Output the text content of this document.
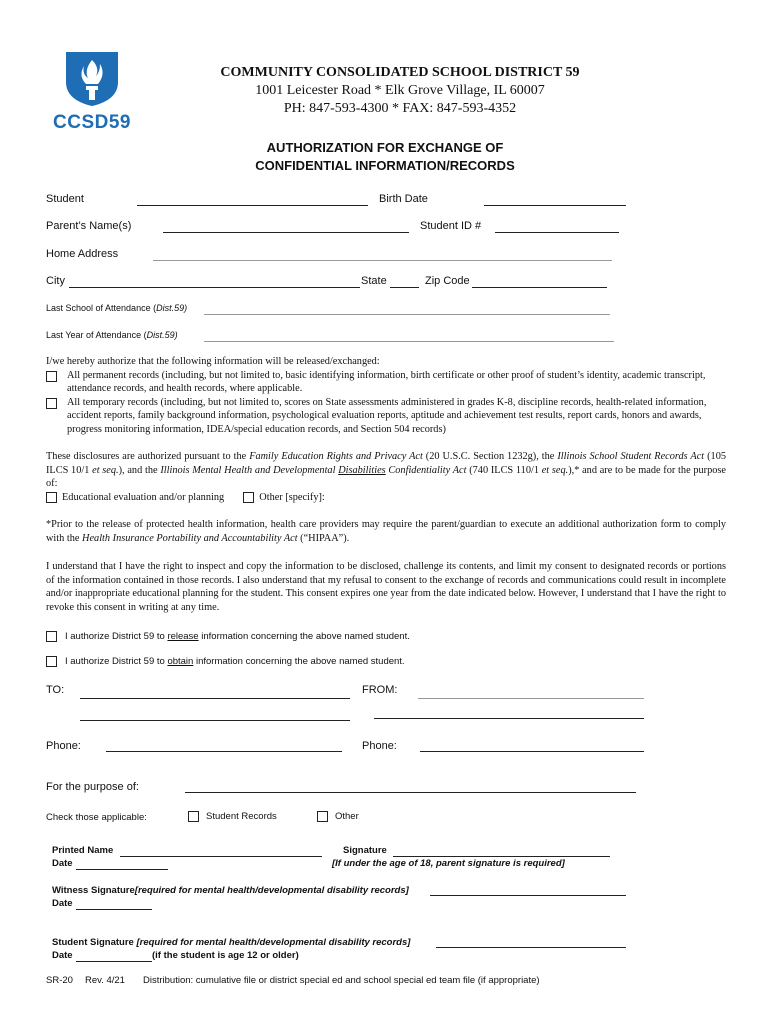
CCSD59
COMMUNITY CONSOLIDATED SCHOOL DISTRICT 59
1001 Leicester Road * Elk Grove Village, IL 60007
PH: 847-593-4300 * FAX: 847-593-4352
AUTHORIZATION FOR EXCHANGE OF
CONFIDENTIAL INFORMATION/RECORDS
Student	Birth Date
Parent’s Name(s)	Student ID #
Home Address
City	State	Zip Code
Last School of Attendance (Dist.59)
Last Year of Attendance (Dist.59)

I/we hereby authorize that the following information will be released/exchanged:

All permanent records (including, but not limited to, basic identifying information, birth certificate or other proof of student’s identity, academic transcript, attendance records, and health records, where applicable.

All temporary records (including, but not limited to, scores on State assessments administered in grades K-8, discipline records, health-related information, accident reports, family background information, psychological evaluation reports, aptitude and achievement test results, report cards, honors and awards, progress monitoring information, IDEA/special education records, and Section 504 records)

These disclosures are authorized pursuant to the Family Education Rights and Privacy Act (20 U.S.C. Section 1232g), the Illinois School Student Records Act (105 ILCS 10/1 et seq.), and the Illinois Mental Health and Developmental Disabilities Confidentiality Act (740 ILCS 110/1 et seq.),* and are to be made for the purpose of:
Educational evaluation and/or planning	Other [specify]:
*Prior to the release of protected health information, health care providers may require the parent/guardian to execute an additional authorization form to comply with the Health Insurance Portability and Accountability Act (“HIPAA”).
I understand that I have the right to inspect and copy the information to be disclosed, challenge its contents, and limit my consent to designated records or portions of the information contained in those records. I also understand that my refusal to consent to the exchange of records and communications could result in incomplete and/or inappropriate educational planning for the student. This consent expires one year from the date indicated below. However, I understand that I have the right to revoke this consent in writing at any time.
I authorize District 59 to release information concerning the above named student.
I authorize District 59 to obtain information concerning the above named student.
TO:	FROM:
Phone:	Phone:
For the purpose of:
Check those applicable:	Student Records	Other
Printed Name	Signature
Date	[If under the age of 18, parent signature is required]
Witness Signature[required for mental health/developmental disability records]
Date
Student Signature [required for mental health/developmental disability records]
Date	(if the student is age 12 or older)
SR-20 Rev. 4/21 Distribution: cumulative file or district special ed and school special ed team file (if appropriate)
